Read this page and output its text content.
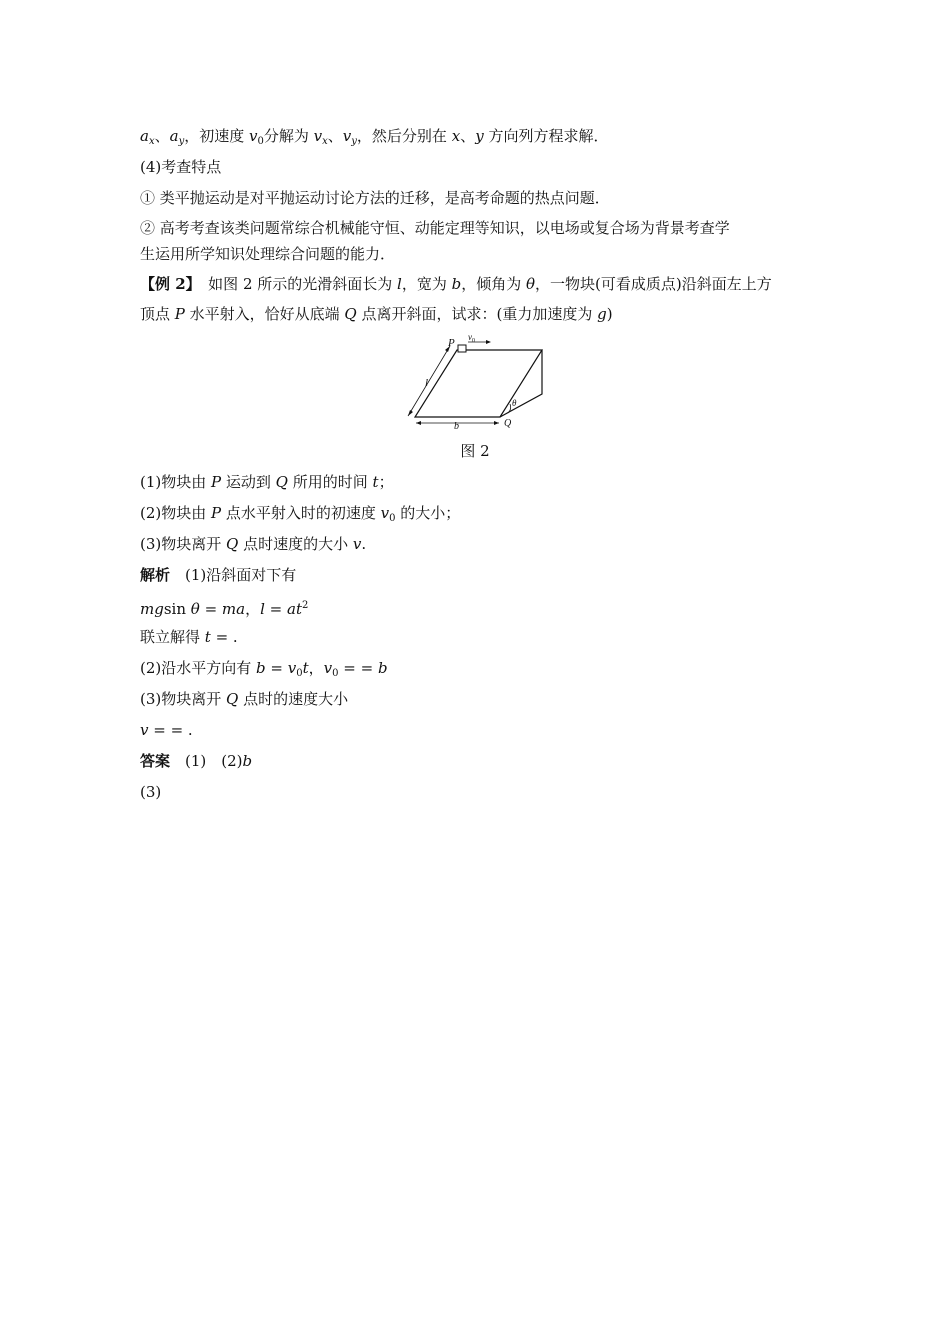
$a_x$、$a_y$，初速度 $v_0$分解为 $v_x$、$v_y$，然后分别在 x、y 方向列方程求解．
(4)考查特点
① 类平抛运动是对平抛运动讨论方法的迁移，是高考命题的热点问题．
② 高考考查该类问题常综合机械能守恒、动能定理等知识，以电场或复合场为背景考查学
生运用所学知识处理综合问题的能力．
【例 2】　如图 2 所示的光滑斜面长为 l，宽为 b，倾角为 θ，一物块(可看成质点)沿斜面左上方
顶点 P 水平射入，恰好从底端 Q 点离开斜面，试求：(重力加速度为 g)
P $v_0$
l
b
θ
Q
图 2
(1)物块由 P 运动到 Q 所用的时间 t；
(2)物块由 P 点水平射入时的初速度 $v_0$ 的大小；
(3)物块离开 Q 点时速度的大小 v.
解析　(1)沿斜面对下有
mgsin θ = ma，$l = at^2$
联立解得 t = .
(2)沿水平方向有 $b = v_0t$，$v_0$ = = b
(3)物块离开 Q 点时的速度大小
v = = .
答案　(1)　(2)b
(3)
